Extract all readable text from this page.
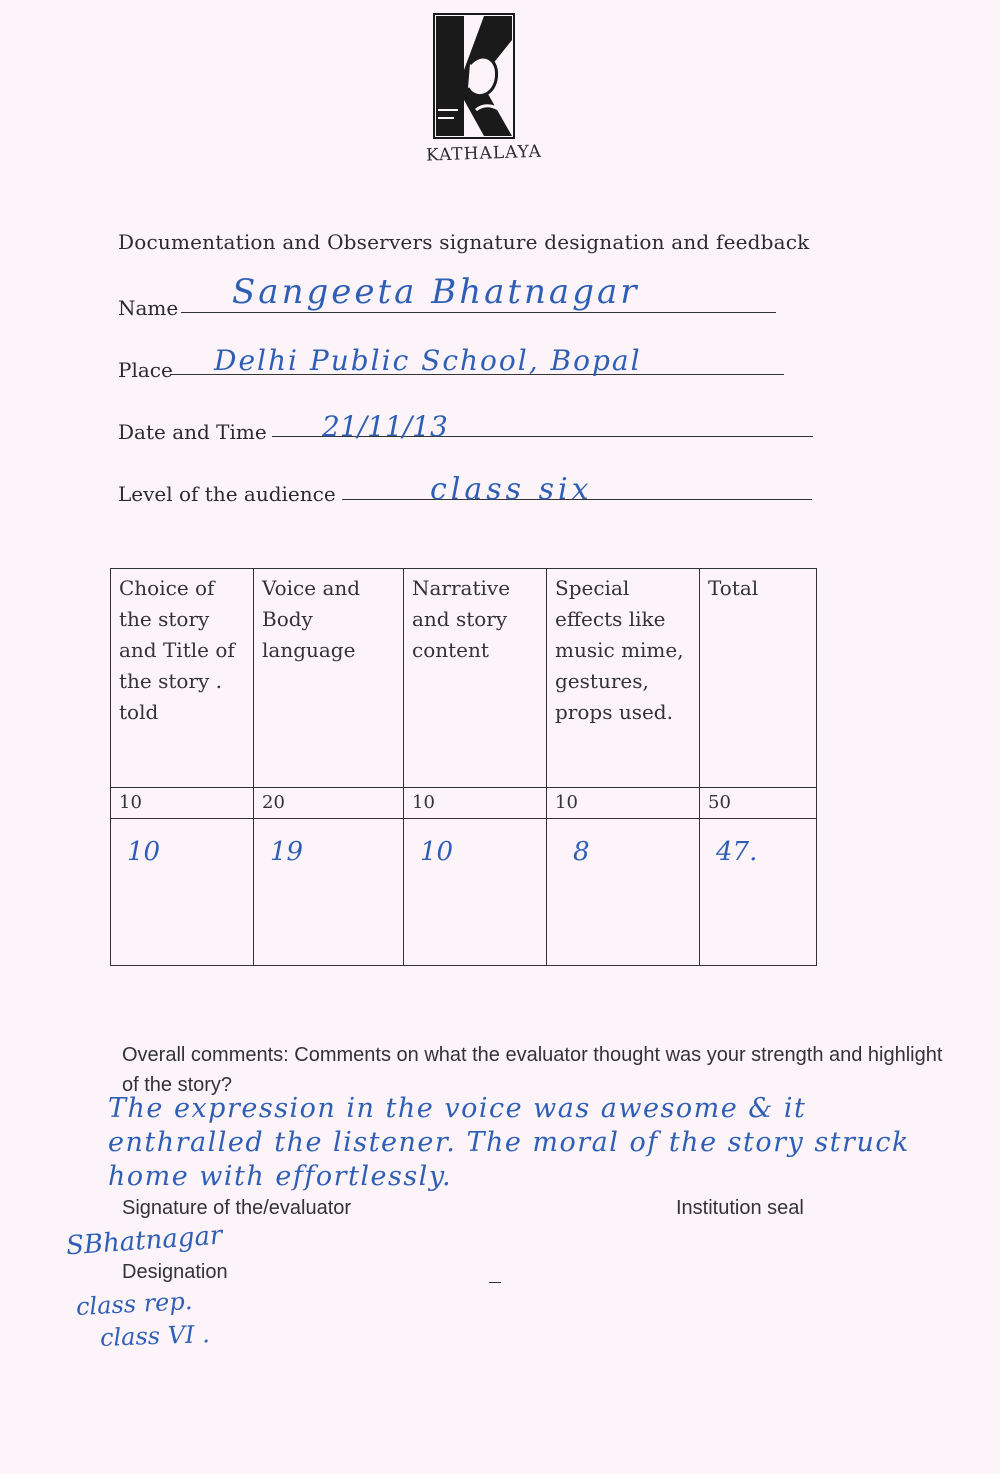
KATHALAYA
Documentation and Observers signature designation and feedback
Name Sangeeta Bhatnagar
Place Delhi Public School, Bopal
Date and Time 21/11/13
Level of the audience	class six
Choice of the story and Title of the story . told	Voice and Body language	Narrative and story content	Special effects like music mime, gestures, props used.	Total
10	20	10	10	50
10	19	10	8	47.
Overall comments: Comments on what the evaluator thought was your strength and highlight of the story?
The expression in the voice was awesome & it enthralled the listener. The moral of the story struck home with effortlessly.
Signature of the/evaluator	Institution seal
SBhatnagar
Designation
class rep.
class VI .
